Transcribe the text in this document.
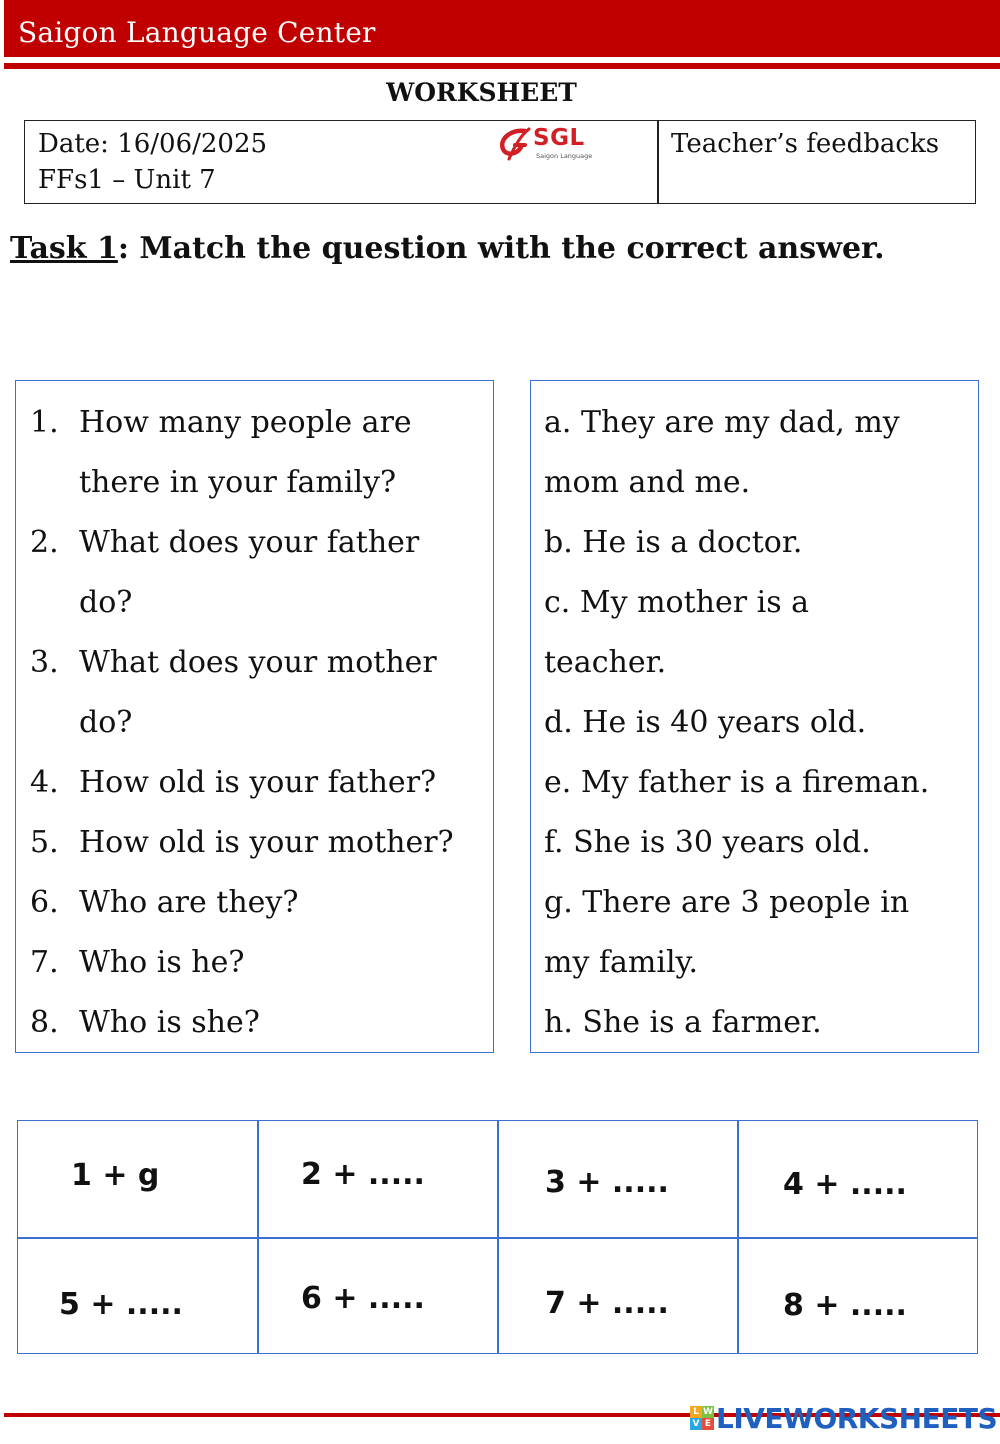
Saigon Language Center
WORKSHEET
Date: 16/06/2025
FFs1 – Unit 7
SGL
Saigon Language	Teacher’s feedbacks
Task 1: Match the question with the correct answer.
1. How many people are
there in your family?
2. What does your father
do?
3. What does your mother
do?
4. How old is your father?
5. How old is your mother?
6. Who are they?
7. Who is he?
8. Who is she?
a. They are my dad, my
mom and me.
b. He is a doctor.
c. My mother is a
teacher.
d. He is 40 years old.
e. My father is a fireman.
f. She is 30 years old.
g. There are 3 people in
my family.
h. She is a farmer.
1 + g	2 + .....	3 + .....	4 + .....
5 + .....	6 + .....	7 + .....	8 + .....
L W
V E LIVEWORKSHEETS
